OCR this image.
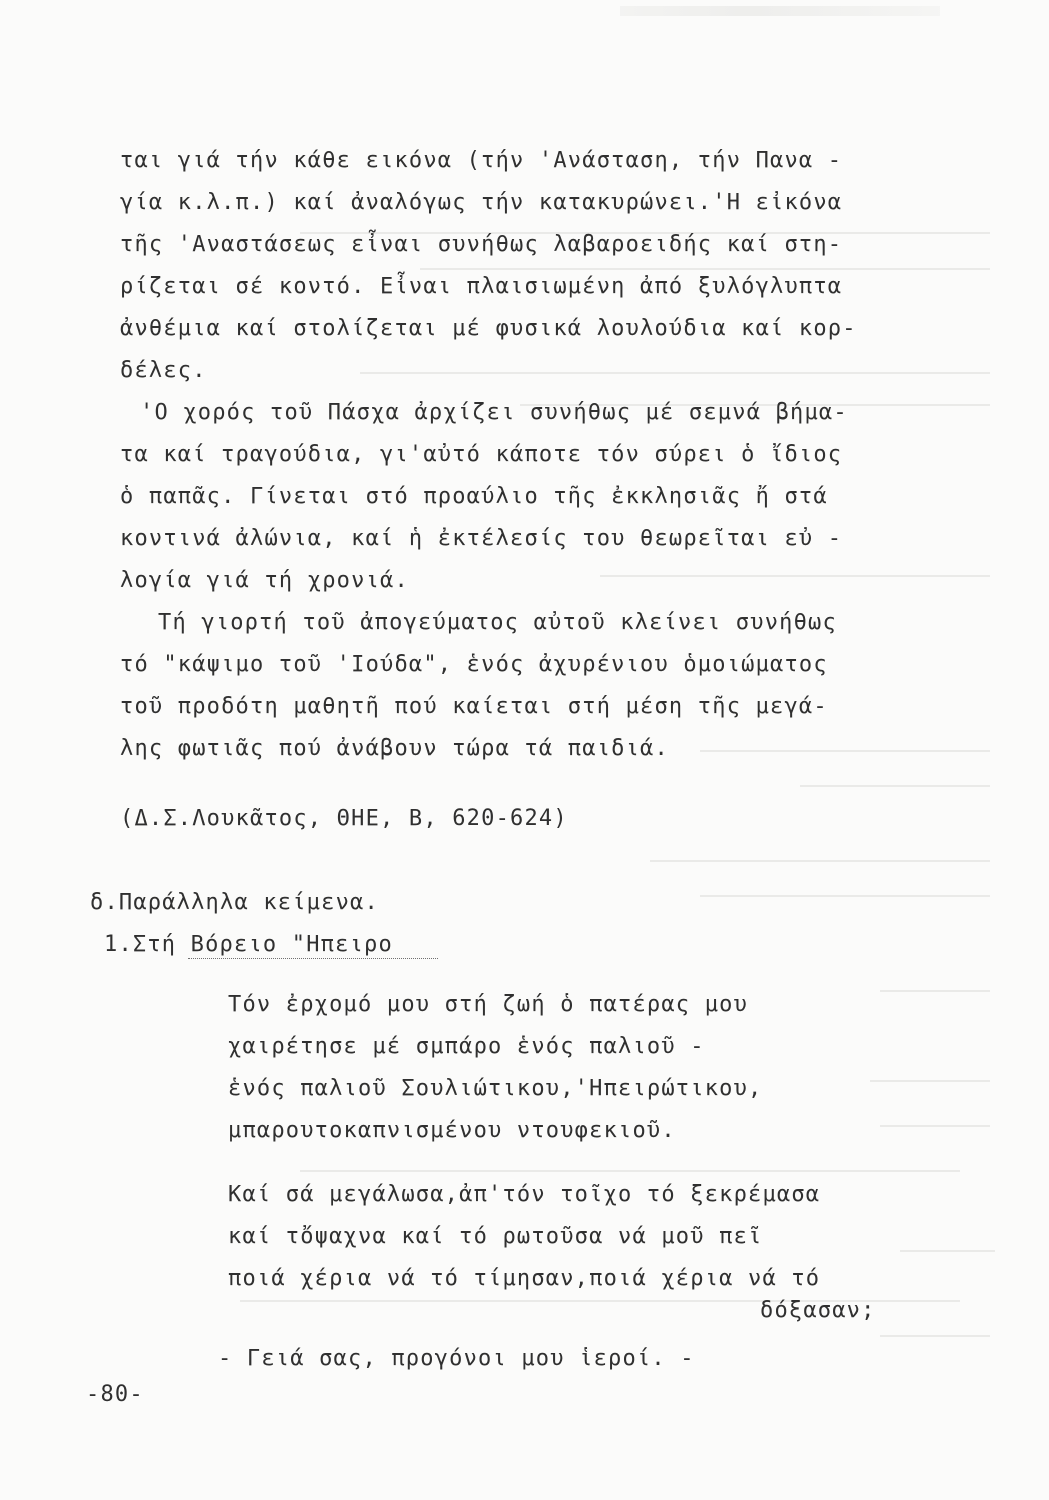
ται γιά τήν κάθε εικόνα (τήν 'Ανάσταση, τήν Πανα -
γία κ.λ.π.) καί ἀναλόγως τήν κατακυρώνει.'Η εἰκόνα
τῆς 'Αναστάσεως εἶναι συνήθως λαβαροειδής καί στη-
ρίζεται σέ κοντό. Εἶναι πλαισιωμένη ἀπό ξυλόγλυπτα
ἀνθέμια καί στολίζεται μέ φυσικά λουλούδια καί κορ-
δέλες.
'Ο χορός τοῦ Πάσχα ἀρχίζει συνήθως μέ σεμνά βήμα-
τα καί τραγούδια, γι'αὐτό κάποτε τόν σύρει ὁ ἴδιος
ὁ παπᾶς. Γίνεται στό προαύλιο τῆς ἐκκλησιᾶς ἤ στά
κοντινά ἀλώνια, καί ἡ ἐκτέλεσίς του θεωρεῖται εὐ -
λογία γιά τή χρονιά.
Τή γιορτή τοῦ ἀπογεύματος αὐτοῦ κλείνει συνήθως
τό "κάψιμο τοῦ 'Ιούδα", ἑνός ἀχυρένιου ὁμοιώματος
τοῦ προδότη μαθητῆ πού καίεται στή μέση τῆς μεγά-
λης φωτιᾶς πού ἀνάβουν τώρα τά παιδιά.
(Δ.Σ.Λουκᾶτος, ΘΗΕ, Β, 620-624)
δ.Παράλληλα κείμενα.
1.Στή Βόρειο "Ηπειρο
Τόν ἐρχομό μου στή ζωή ὁ πατέρας μου
χαιρέτησε μέ σμπάρο ἑνός παλιοῦ -
ἑνός παλιοῦ Σουλιώτικου,'Ηπειρώτικου,
μπαρουτοκαπνισμένου ντουφεκιοῦ.
Καί σά μεγάλωσα,ἀπ'τόν τοῖχο τό ξεκρέμασα
καί τὄψαχνα καί τό ρωτοῦσα νά μοῦ πεῖ
ποιά χέρια νά τό τίμησαν,ποιά χέρια νά τό
δόξασαν;
- Γειά σας, προγόνοι μου ἱεροί. -
-80-
